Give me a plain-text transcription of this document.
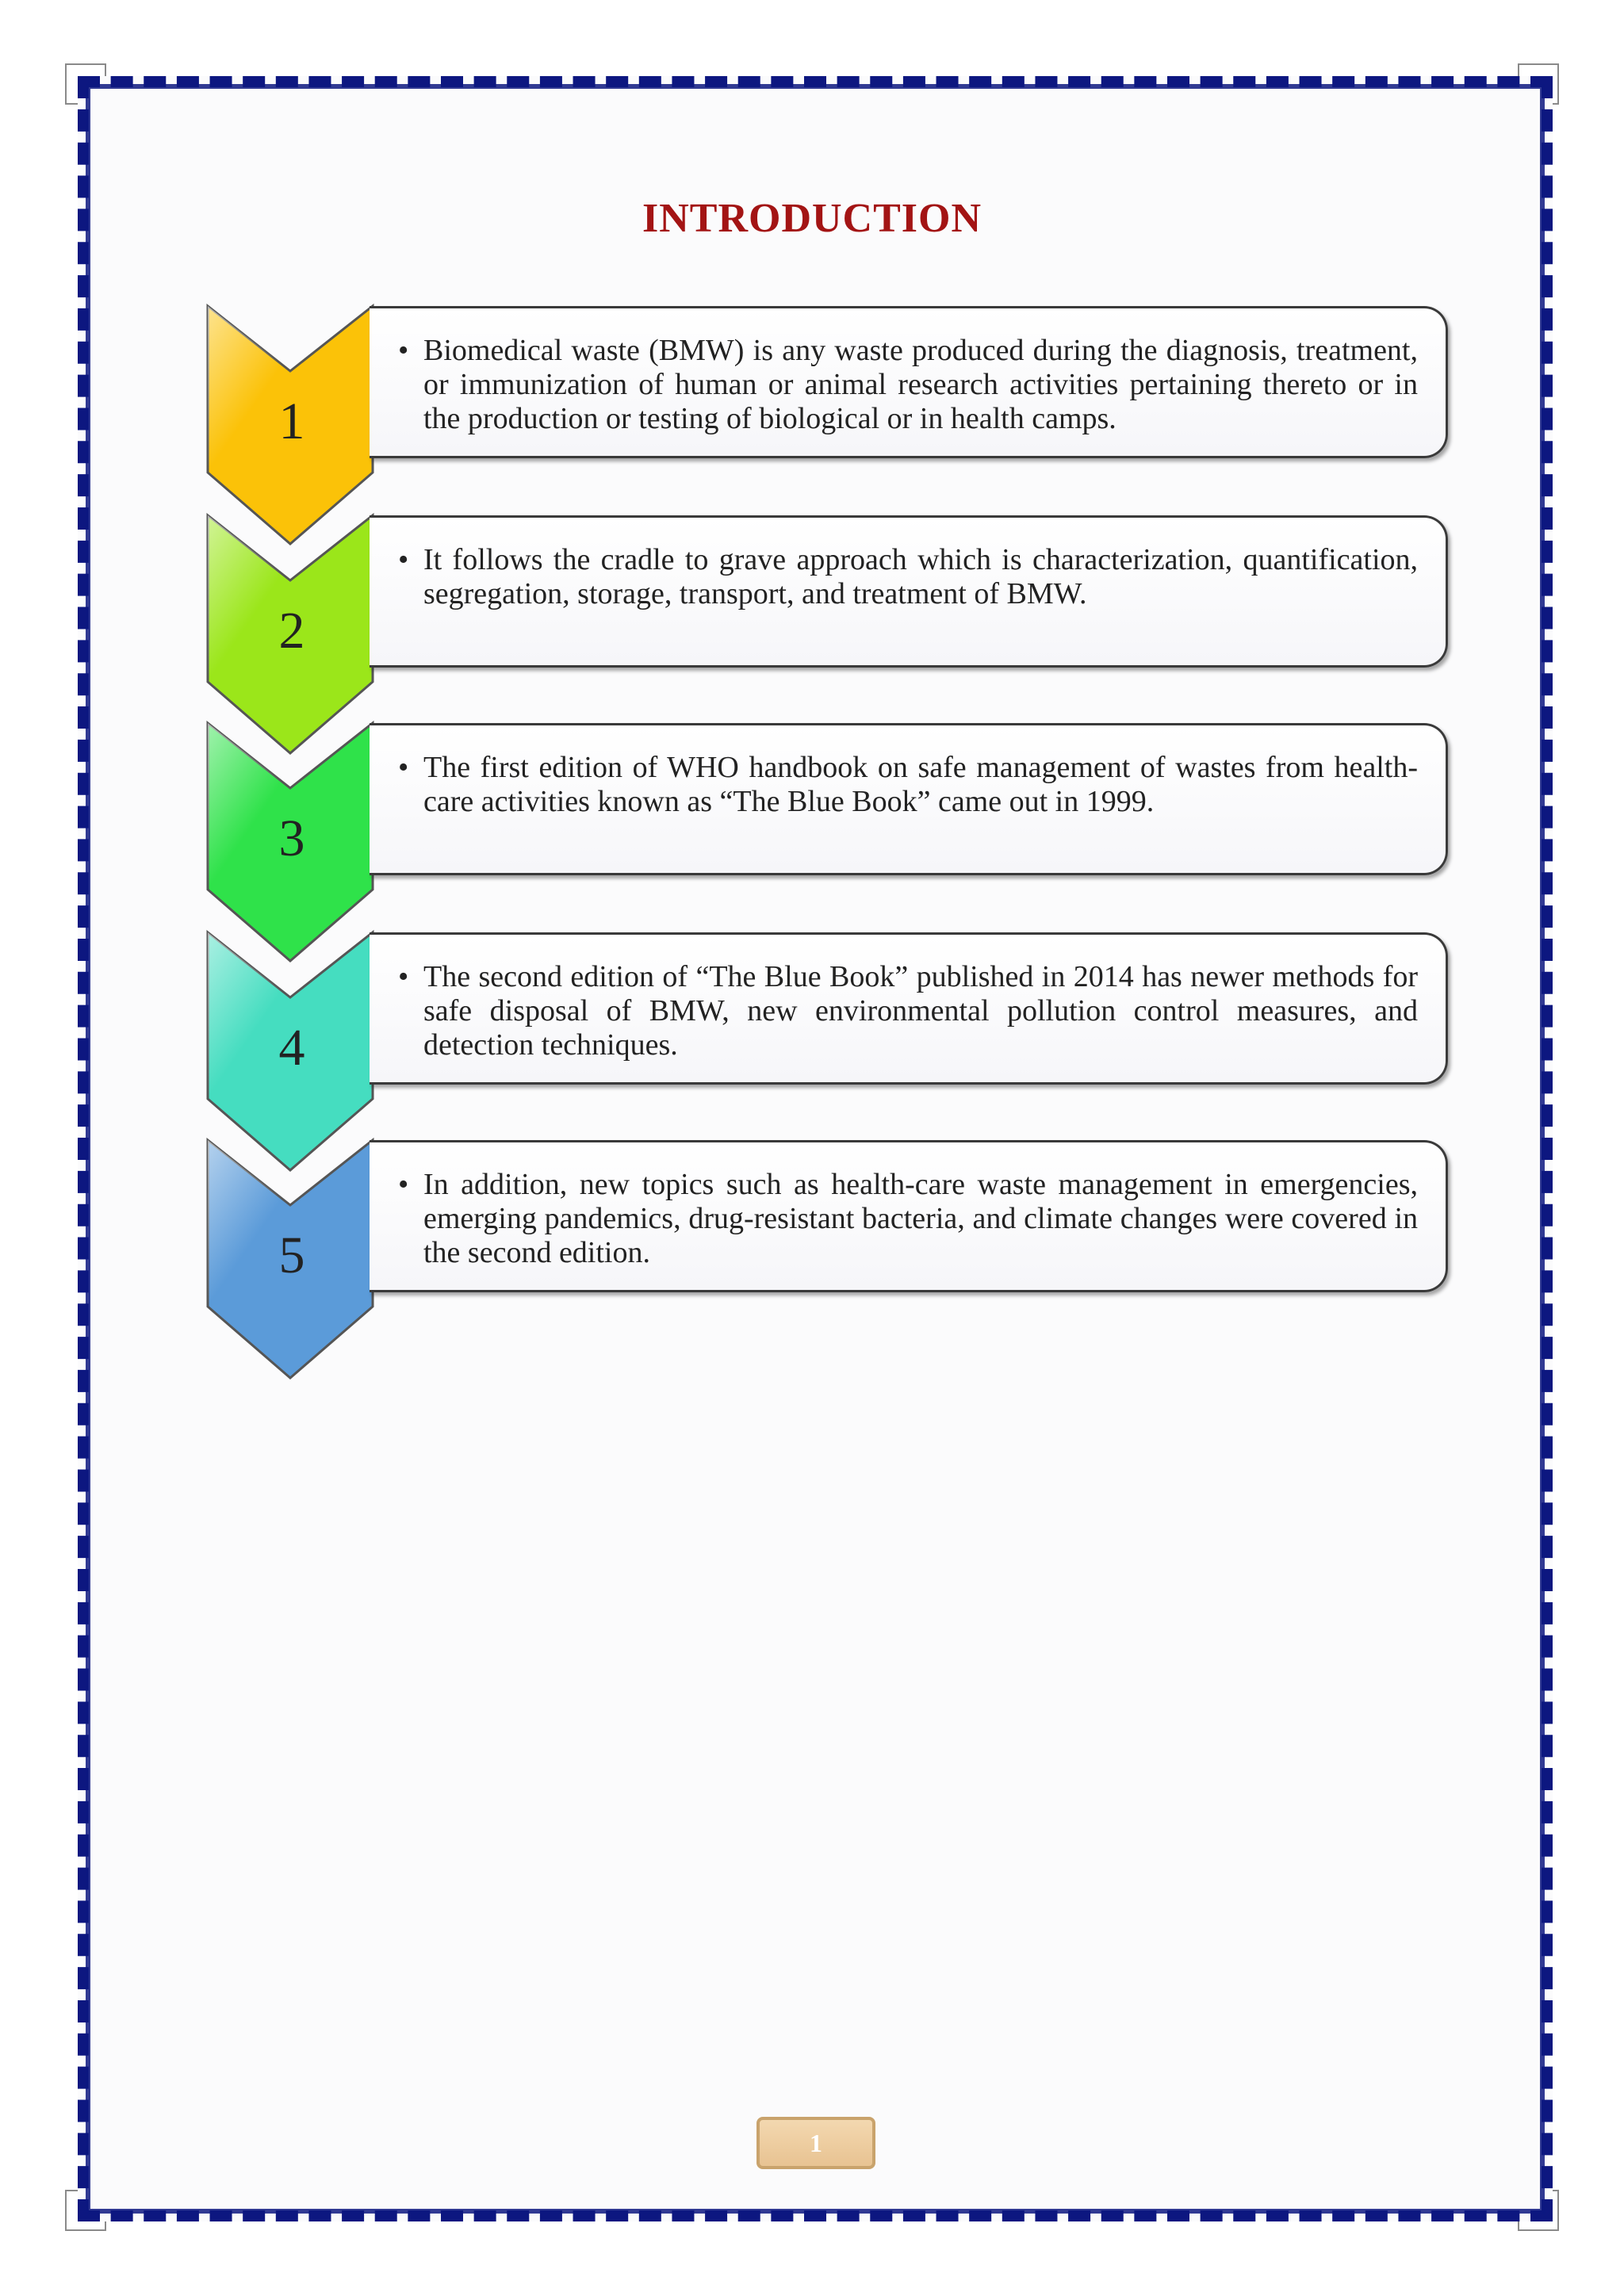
INTRODUCTION
1
• Biomedical waste (BMW) is any waste produced during the diagnosis, treatment, or immunization of human or animal research activities pertaining thereto or in the production or testing of biological or in health camps.
2
• It follows the cradle to grave approach which is characterization, quantification, segregation, storage, transport, and treatment of BMW.
3
• The first edition of WHO handbook on safe management of wastes from health-care activities known as “The Blue Book” came out in 1999.
4
• The second edition of “The Blue Book” published in 2014 has newer methods for safe disposal of BMW, new environmental pollution control measures, and detection techniques.
5
• In addition, new topics such as health-care waste management in emergencies, emerging pandemics, drug-resistant bacteria, and climate changes were covered in the second edition.
1
